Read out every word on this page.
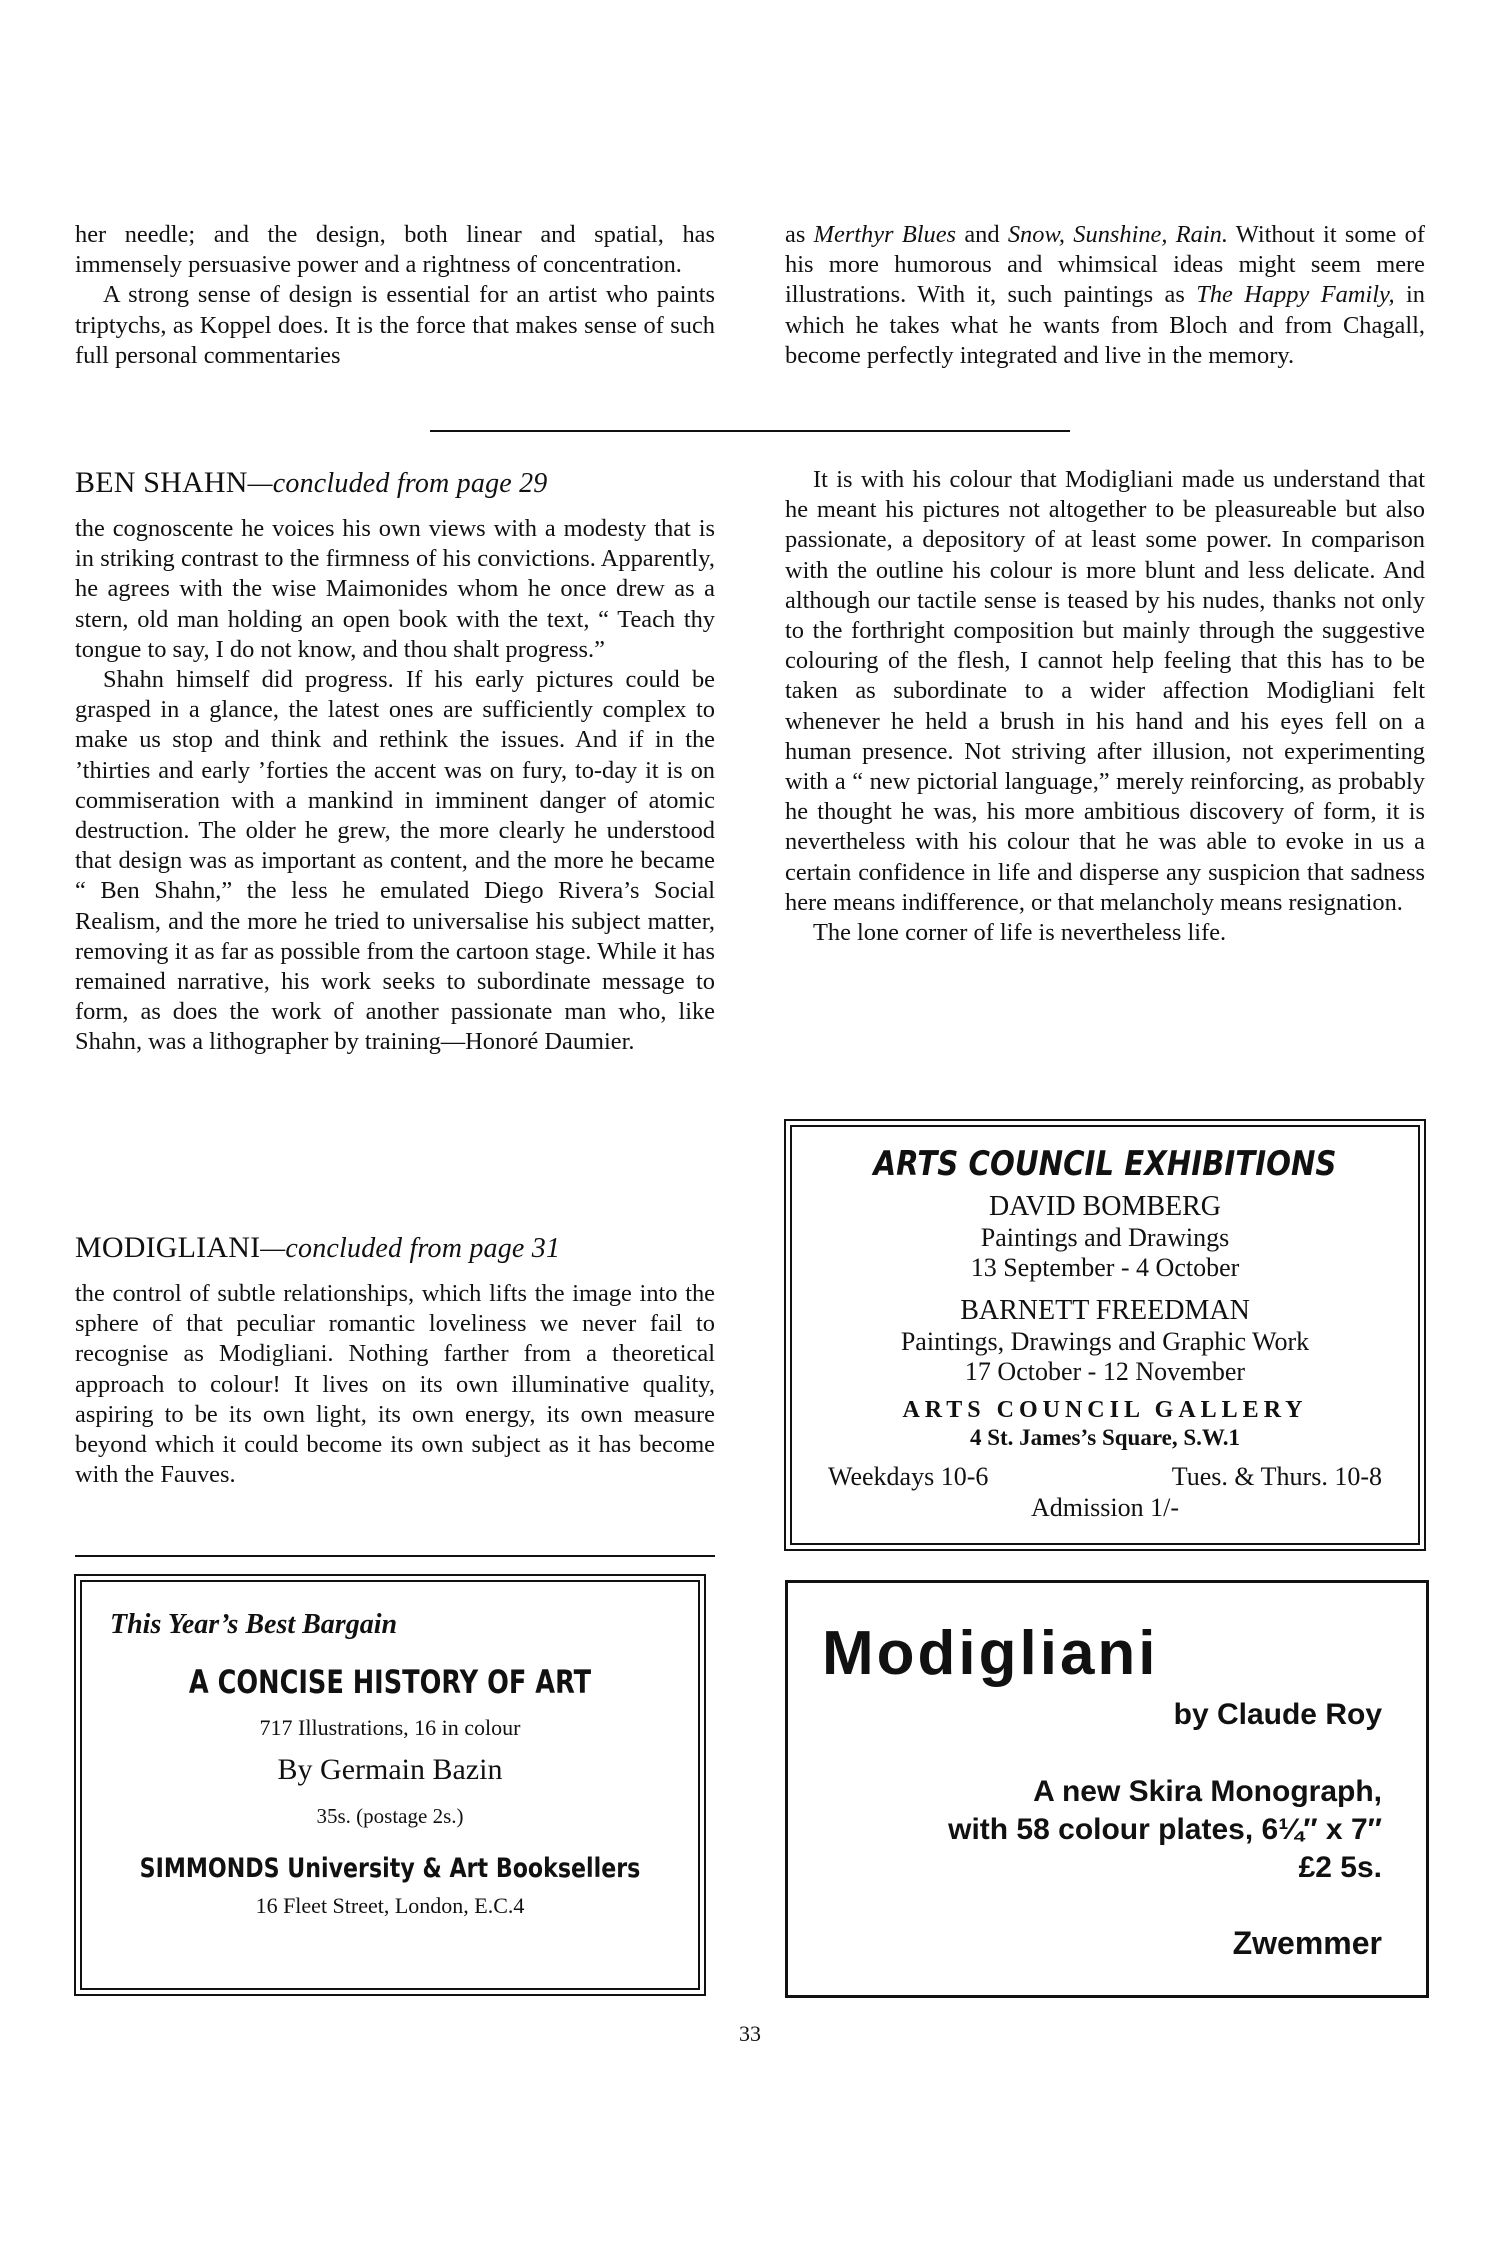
her needle; and the design, both linear and spatial, has immensely persuasive power and a rightness of concentration.

A strong sense of design is essential for an artist who paints triptychs, as Koppel does. It is the force that makes sense of such full personal commentaries

as Merthyr Blues and Snow, Sunshine, Rain. Without it some of his more humorous and whimsical ideas might seem mere illustrations. With it, such paintings as The Happy Family, in which he takes what he wants from Bloch and from Chagall, become perfectly integrated and live in the memory.

BEN SHAHN—concluded from page 29

the cognoscente he voices his own views with a modesty that is in striking contrast to the firmness of his convictions. Apparently, he agrees with the wise Maimonides whom he once drew as a stern, old man holding an open book with the text, “ Teach thy tongue to say, I do not know, and thou shalt progress.”

Shahn himself did progress. If his early pictures could be grasped in a glance, the latest ones are sufficiently complex to make us stop and think and rethink the issues. And if in the ’thirties and early ’forties the accent was on fury, to-day it is on commiseration with a mankind in imminent danger of atomic destruction. The older he grew, the more clearly he understood that design was as important as content, and the more he became “ Ben Shahn,” the less he emulated Diego Rivera’s Social Realism, and the more he tried to universalise his subject matter, removing it as far as possible from the cartoon stage. While it has remained narrative, his work seeks to subordinate message to form, as does the work of another passionate man who, like Shahn, was a lithographer by training—Honoré Daumier.

MODIGLIANI—concluded from page 31

the control of subtle relationships, which lifts the image into the sphere of that peculiar romantic loveliness we never fail to recognise as Modigliani. Nothing farther from a theoretical approach to colour! It lives on its own illuminative quality, aspiring to be its own light, its own energy, its own measure beyond which it could become its own subject as it has become with the Fauves.

It is with his colour that Modigliani made us understand that he meant his pictures not altogether to be pleasureable but also passionate, a depository of at least some power. In comparison with the outline his colour is more blunt and less delicate. And although our tactile sense is teased by his nudes, thanks not only to the forthright composition but mainly through the suggestive colouring of the flesh, I cannot help feeling that this has to be taken as subordinate to a wider affection Modigliani felt whenever he held a brush in his hand and his eyes fell on a human presence. Not striving after illusion, not experimenting with a “ new pictorial language,” merely reinforcing, as probably he thought he was, his more ambitious discovery of form, it is nevertheless with his colour that he was able to evoke in us a certain confidence in life and disperse any suspicion that sadness here means indifference, or that melancholy means resignation.

The lone corner of life is nevertheless life.

ARTS COUNCIL EXHIBITIONS
DAVID BOMBERG
Paintings and Drawings
13 September - 4 October
BARNETT FREEDMAN
Paintings, Drawings and Graphic Work
17 October - 12 November
ARTS COUNCIL GALLERY
4 St. James’s Square, S.W.1
Weekdays 10-6	Tues. & Thurs. 10-8
Admission 1/-
This Year’s Best Bargain
A CONCISE HISTORY OF ART
717 Illustrations, 16 in colour
By Germain Bazin
35s. (postage 2s.)
SIMMONDS University & Art Booksellers
16 Fleet Street, London, E.C.4
Modigliani
by Claude Roy
A new Skira Monograph,
with 58 colour plates, 6¼″ x 7″
£2 5s.
Zwemmer
33
